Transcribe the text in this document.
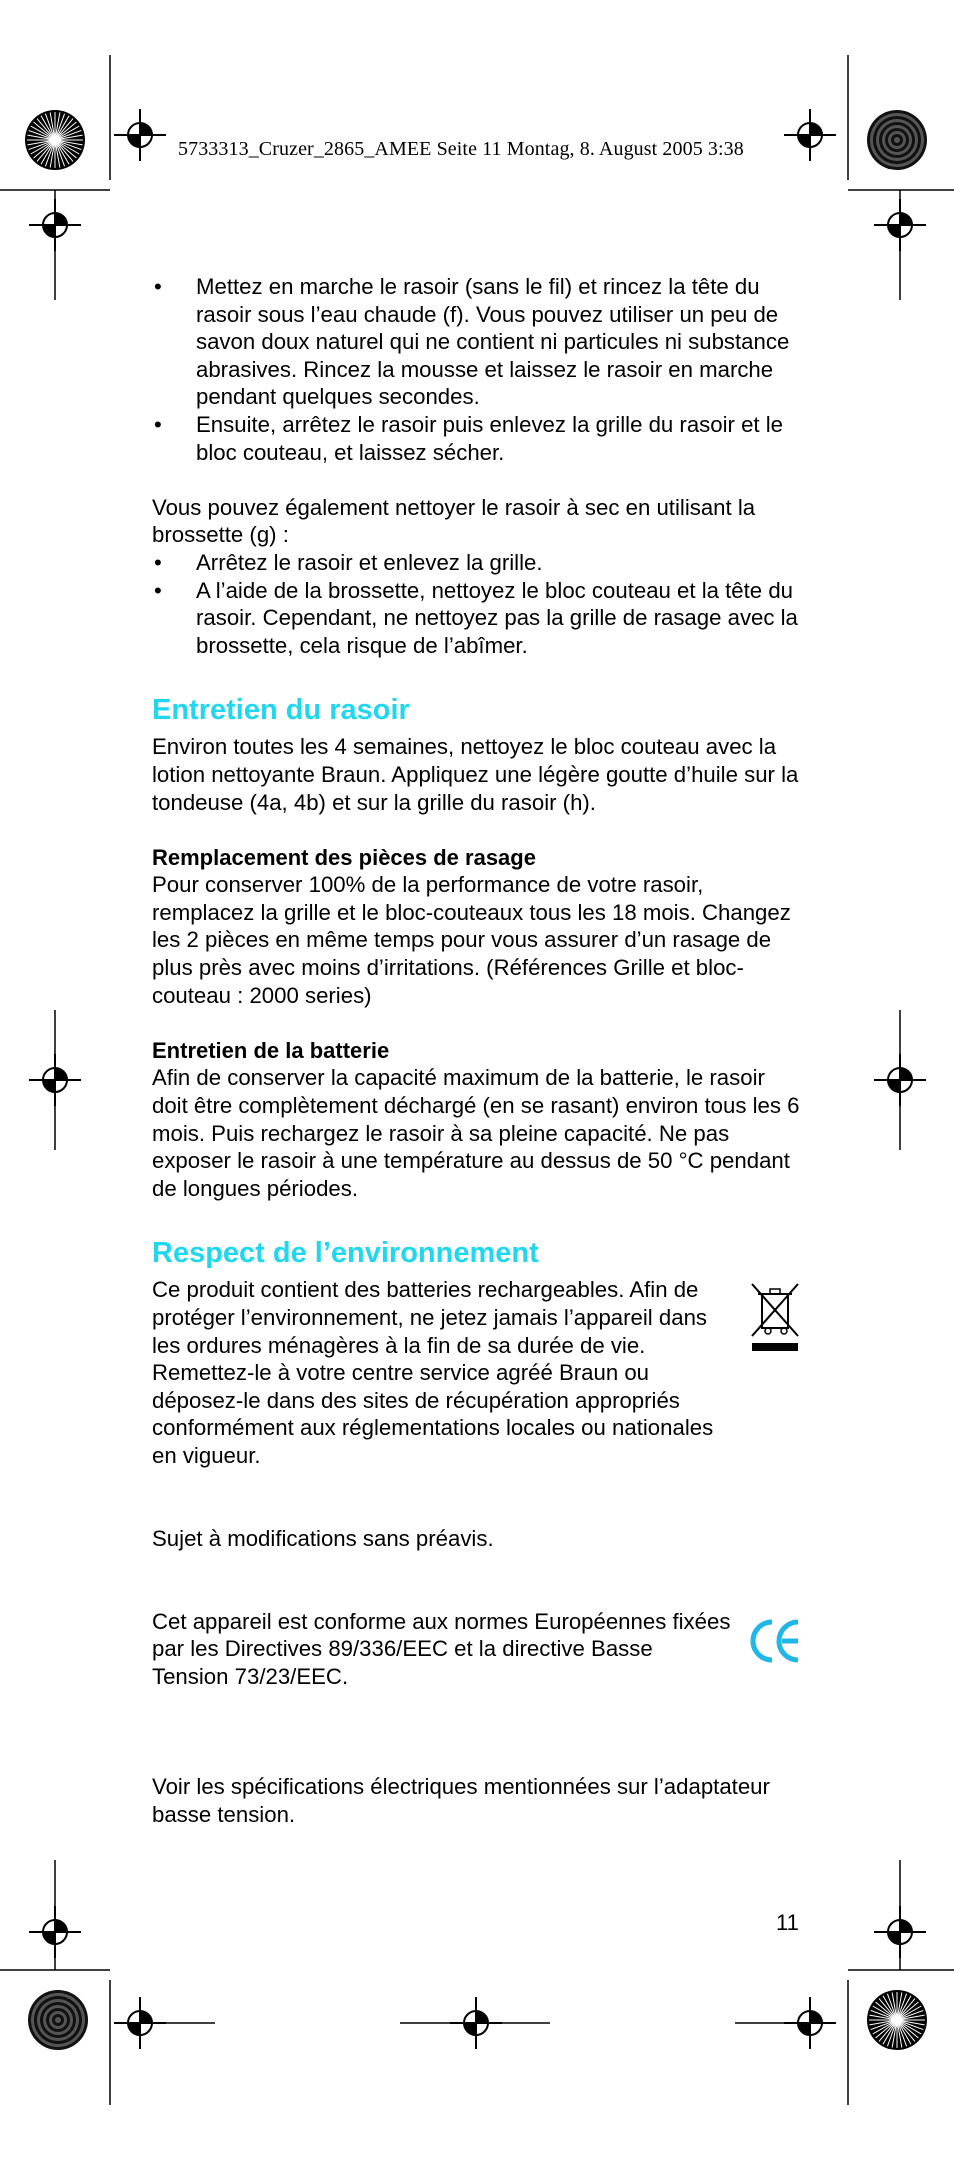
5733313_Cruzer_2865_AMEE Seite 11 Montag, 8. August 2005 3:38
• Mettez en marche le rasoir (sans le fil) et rincez la tête du rasoir sous l’eau chaude (f). Vous pouvez utiliser un peu de savon doux naturel qui ne contient ni particules ni substance abrasives. Rincez la mousse et laissez le rasoir en marche pendant quelques secondes.
• Ensuite, arrêtez le rasoir puis enlevez la grille du rasoir et le bloc couteau, et laissez sécher.

Vous pouvez également nettoyer le rasoir à sec en utilisant la brossette (g) :

• Arrêtez le rasoir et enlevez la grille.
• A l’aide de la brossette, nettoyez le bloc couteau et la tête du rasoir. Cependant, ne nettoyez pas la grille de rasage avec la brossette, cela risque de l’abîmer.
Entretien du rasoir

Environ toutes les 4 semaines, nettoyez le bloc couteau avec la lotion nettoyante Braun. Appliquez une légère goutte d’huile sur la tondeuse (4a, 4b) et sur la grille du rasoir (h).

Remplacement des pièces de rasage

Pour conserver 100% de la performance de votre rasoir, remplacez la grille et le bloc-couteaux tous les 18 mois. Changez les 2 pièces en même temps pour vous assurer d’un rasage de plus près avec moins d’irritations. (Références Grille et bloc-couteau : 2000 series)

Entretien de la batterie

Afin de conserver la capacité maximum de la batterie, le rasoir doit être complètement déchargé (en se rasant) environ tous les 6 mois. Puis rechargez le rasoir à sa pleine capacité. Ne pas exposer le rasoir à une température au dessus de 50 °C pendant de longues périodes.

Respect de l’environnement

Ce produit contient des batteries rechargeables. Afin de protéger l’environnement, ne jetez jamais l’appareil dans les ordures ménagères à la fin de sa durée de vie. Remettez-le à votre centre service agréé Braun ou déposez-le dans des sites de récupération appropriés conformément aux réglementations locales ou nationales en vigueur.

Sujet à modifications sans préavis.

Cet appareil est conforme aux normes Européennes fixées par les Directives 89/336/EEC et la directive Basse Tension 73/23/EEC.

Voir les spécifications électriques mentionnées sur l’adaptateur basse tension.

11
